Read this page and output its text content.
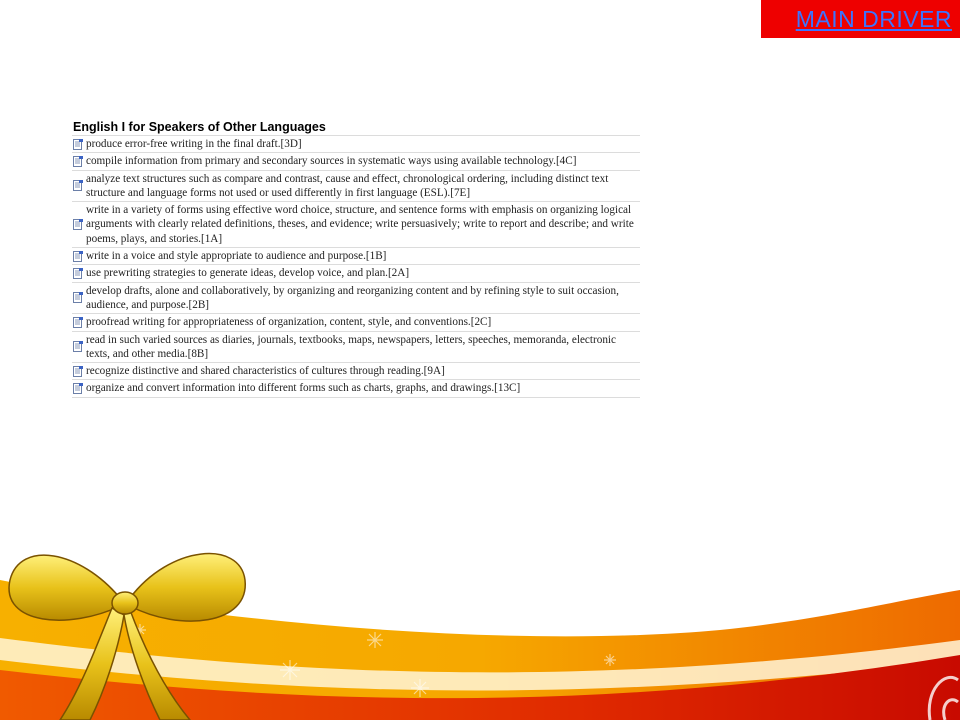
MAIN DRIVER
English I for Speakers of Other Languages
produce error-free writing in the final draft.[3D]
compile information from primary and secondary sources in systematic ways using available technology.[4C]
analyze text structures such as compare and contrast, cause and effect, chronological ordering, including distinct text structure and language forms not used or used differently in first language (ESL).[7E]
write in a variety of forms using effective word choice, structure, and sentence forms with emphasis on organizing logical arguments with clearly related definitions, theses, and evidence; write persuasively; write to report and describe; and write poems, plays, and stories.[1A]
write in a voice and style appropriate to audience and purpose.[1B]
use prewriting strategies to generate ideas, develop voice, and plan.[2A]
develop drafts, alone and collaboratively, by organizing and reorganizing content and by refining style to suit occasion, audience, and purpose.[2B]
proofread writing for appropriateness of organization, content, style, and conventions.[2C]
read in such varied sources as diaries, journals, textbooks, maps, newspapers, letters, speeches, memoranda, electronic texts, and other media.[8B]
recognize distinctive and shared characteristics of cultures through reading.[9A]
organize and convert information into different forms such as charts, graphs, and drawings.[13C]
